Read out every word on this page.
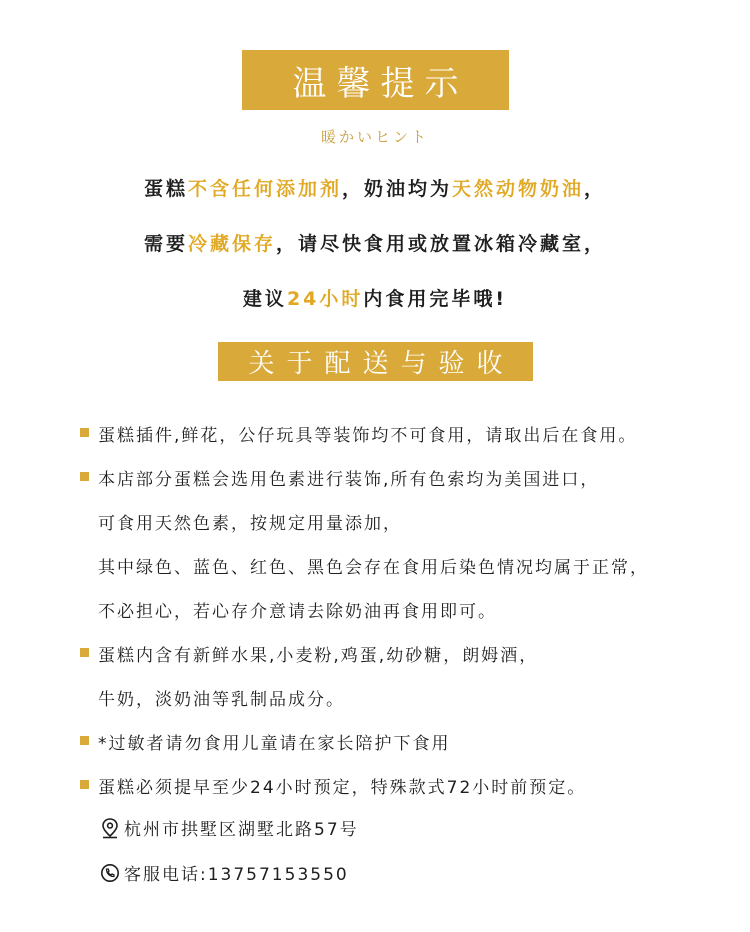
温馨提示
暖かいヒント
蛋糕不含任何添加剂，奶油均为天然动物奶油，
需要冷藏保存，请尽快食用或放置冰箱冷藏室，
建议24小时内食用完毕哦!
关于配送与验收
蛋糕插件,鲜花，公仔玩具等装饰均不可食用，请取出后在食用。
本店部分蛋糕会选用色素进行装饰,所有色索均为美国进口，
可食用天然色素，按规定用量添加，
其中绿色、蓝色、红色、黑色会存在食用后染色情况均属于正常，
不必担心，若心存介意请去除奶油再食用即可。
蛋糕内含有新鲜水果,小麦粉,鸡蛋,幼砂糖，朗姆酒，
牛奶，淡奶油等乳制品成分。
*过敏者请勿食用儿童请在家长陪护下食用
蛋糕必须提早至少24小时预定，特殊款式72小时前预定。
杭州市拱墅区湖墅北路57号
客服电话:13757153550
